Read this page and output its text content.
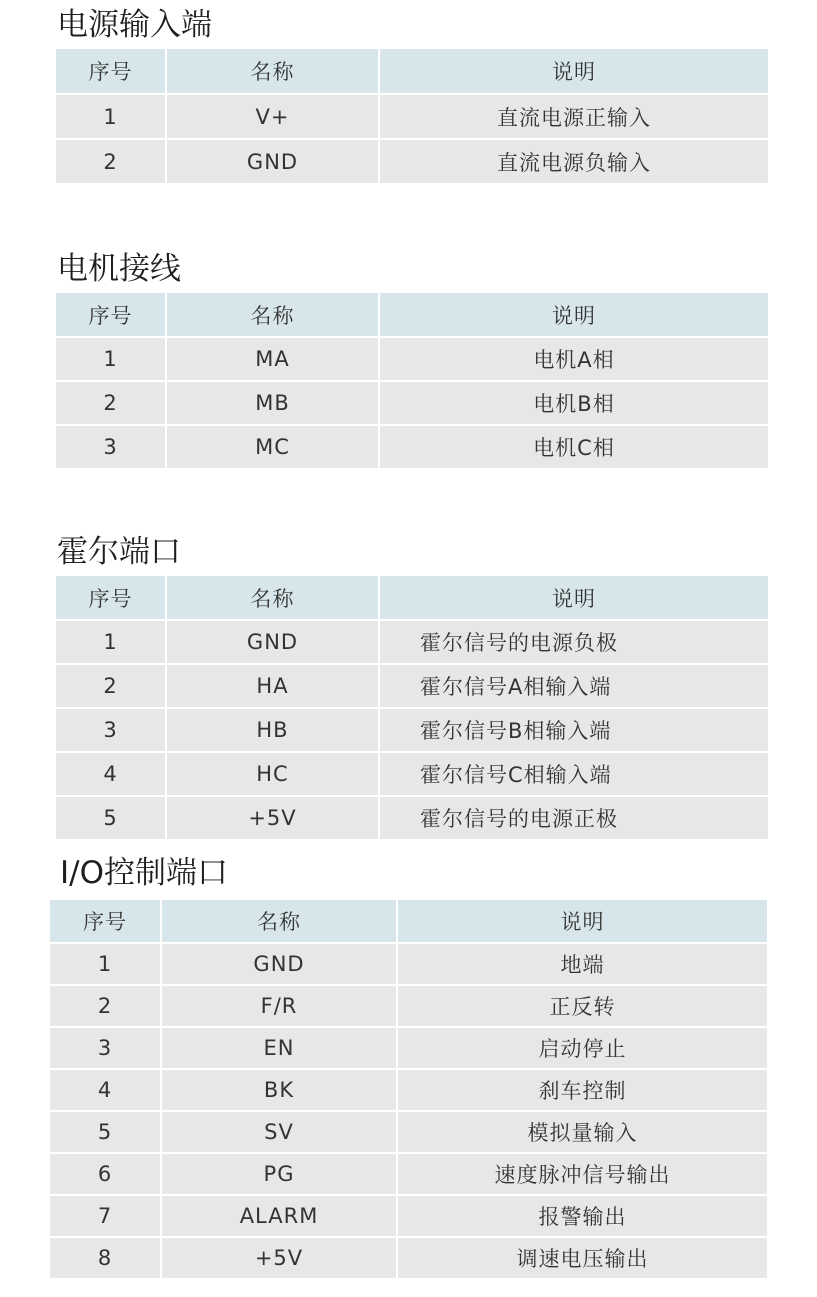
电源输入端
序号	名称	说明
1	V+	直流电源正输入
2	GND	直流电源负输入
电机接线
序号	名称	说明
1	MA	电机A相
2	MB	电机B相
3	MC	电机C相
霍尔端口
序号	名称	说明
1	GND	霍尔信号的电源负极
2	HA	霍尔信号A相输入端
3	HB	霍尔信号B相输入端
4	HC	霍尔信号C相输入端
5	+5V	霍尔信号的电源正极
I/O控制端口
序号	名称	说明
1	GND	地端
2	F/R	正反转
3	EN	启动停止
4	BK	刹车控制
5	SV	模拟量输入
6	PG	速度脉冲信号输出
7	ALARM	报警输出
8	+5V	调速电压输出
